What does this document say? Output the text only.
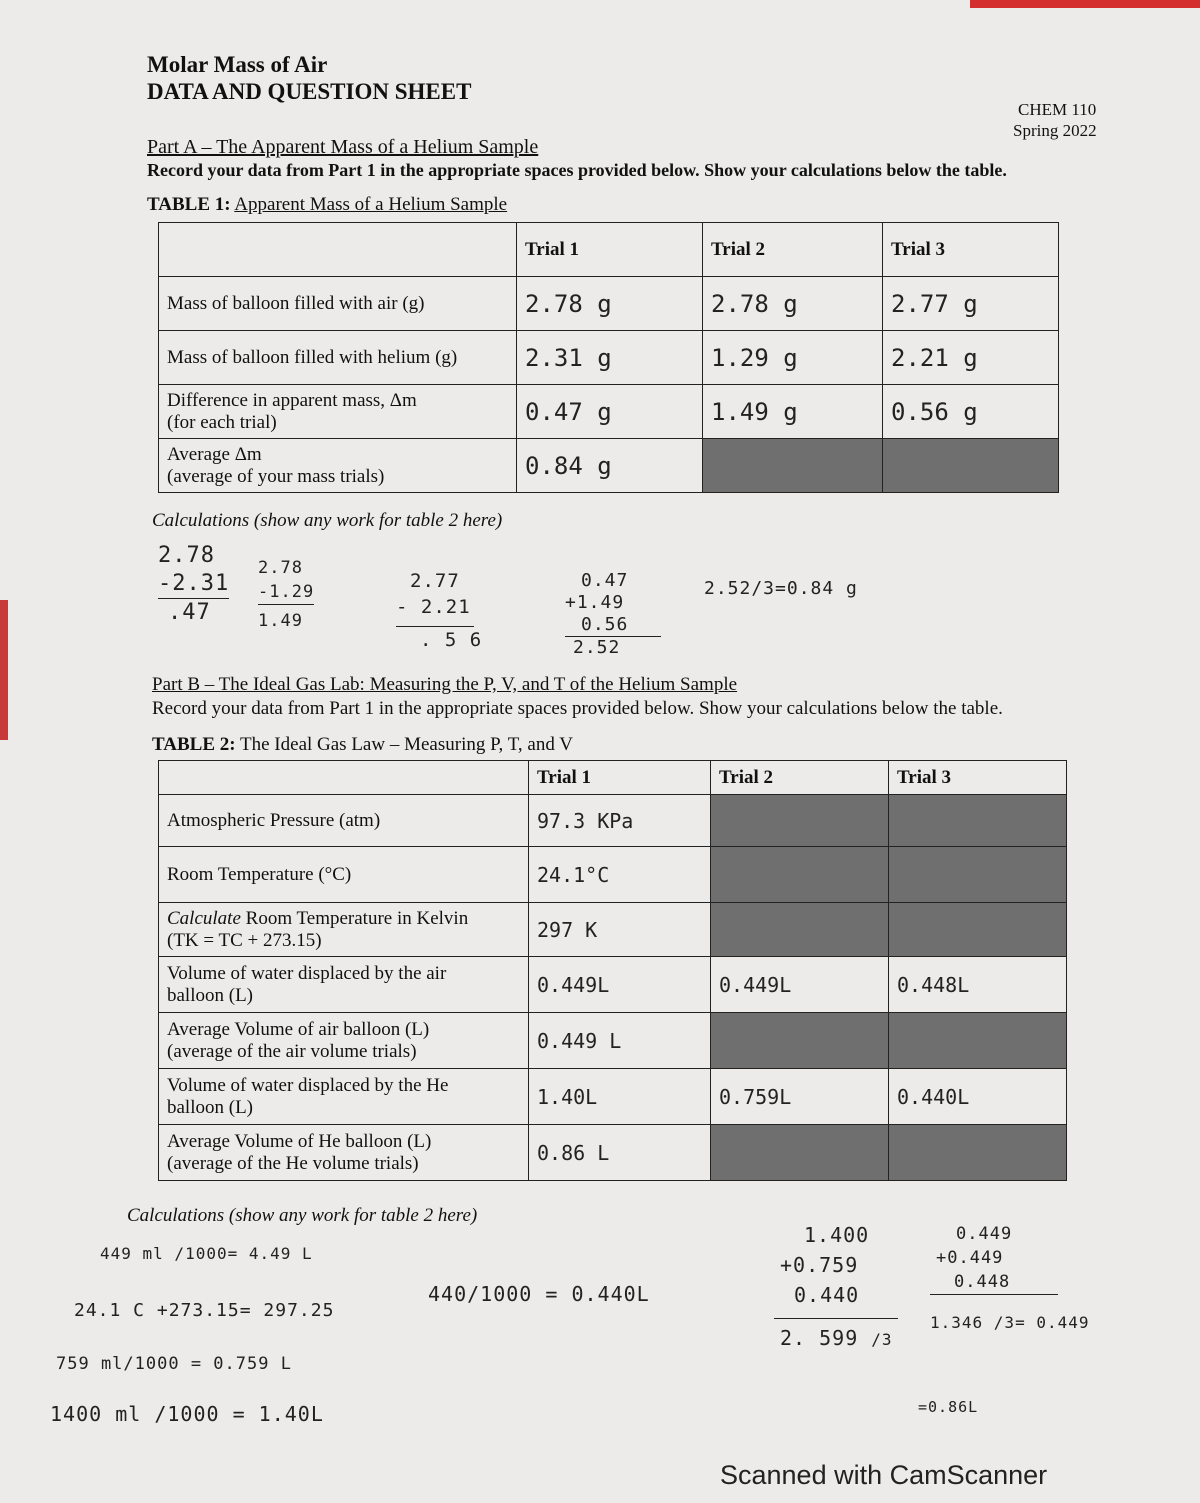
Molar Mass of Air
DATA AND QUESTION SHEET
CHEM 110
Spring 2022
Part A – The Apparent Mass of a Helium Sample
Record your data from Part 1 in the appropriate spaces provided below. Show your calculations below the table.
TABLE 1: Apparent Mass of a Helium Sample
	Trial 1	Trial 2	Trial 3
Mass of balloon filled with air (g)	2.78 g	2.78 g	2.77 g
Mass of balloon filled with helium (g)	2.31 g	1.29 g	2.21 g
Difference in apparent mass, Δm
(for each trial)	0.47 g	1.49 g	0.56 g
Average Δm
(average of your mass trials)	0.84 g		
Calculations (show any work for table 2 here)
2.78
-2.31
.47
2.78
-1.29
1.49
2.77
- 2.21
. 5 6
0.47
+1.49
0.56
2.52
2.52/3=0.84 g
Part B – The Ideal Gas Lab: Measuring the P, V, and T of the Helium Sample
Record your data from Part 1 in the appropriate spaces provided below. Show your calculations below the table.
TABLE 2: The Ideal Gas Law – Measuring P, T, and V
	Trial 1	Trial 2	Trial 3
Atmospheric Pressure (atm)	97.3 KPa		
Room Temperature (°C)	24.1°C		
Calculate Room Temperature in Kelvin
(TK = TC + 273.15)	297 K		
Volume of water displaced by the air
balloon (L)	0.449L	0.449L	0.448L
Average Volume of air balloon (L)
(average of the air volume trials)	0.449 L		
Volume of water displaced by the He
balloon (L)	1.40L	0.759L	0.440L
Average Volume of He balloon (L)
(average of the He volume trials)	0.86 L		
Calculations (show any work for table 2 here)
449 ml /1000= 4.49 L
24.1 C +273.15= 297.25
759 ml/1000 = 0.759 L
1400 ml /1000 = 1.40L
440/1000 = 0.440L
1.400
+0.759
0.440
2. 599 /3
=0.86L
0.449
+0.449
0.448
1.346 /3= 0.449
Scanned with CamScanner
